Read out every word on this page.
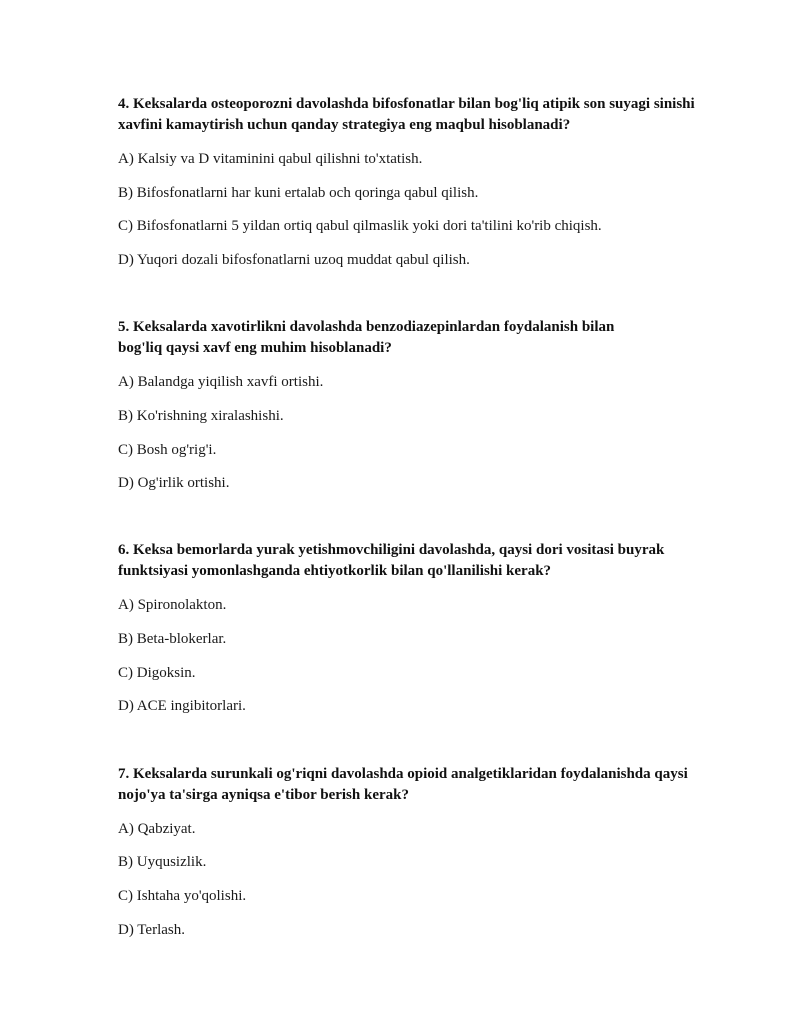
4. Keksalarda osteoporozni davolashda bifosfonatlar bilan bog'liq atipik son suyagi sinishi xavfini kamaytirish uchun qanday strategiya eng maqbul hisoblanadi?

A) Kalsiy va D vitaminini qabul qilishni to'xtatish.

B) Bifosfonatlarni har kuni ertalab och qoringa qabul qilish.

C) Bifosfonatlarni 5 yildan ortiq qabul qilmaslik yoki dori ta'tilini ko'rib chiqish.

D) Yuqori dozali bifosfonatlarni uzoq muddat qabul qilish.

5. Keksalarda xavotirlikni davolashda benzodiazepinlardan foydalanish bilan bog'liq qaysi xavf eng muhim hisoblanadi?

A) Balandga yiqilish xavfi ortishi.

B) Ko'rishning xiralashishi.

C) Bosh og'rig'i.

D) Og'irlik ortishi.

6. Keksa bemorlarda yurak yetishmovchiligini davolashda, qaysi dori vositasi buyrak funktsiyasi yomonlashganda ehtiyotkorlik bilan qo'llanilishi kerak?

A) Spironolakton.

B) Beta-blokerlar.

C) Digoksin.

D) ACE ingibitorlari.

7. Keksalarda surunkali og'riqni davolashda opioid analgetiklaridan foydalanishda qaysi nojo'ya ta'sirga ayniqsa e'tibor berish kerak?

A) Qabziyat.

B) Uyqusizlik.

C) Ishtaha yo'qolishi.

D) Terlash.
